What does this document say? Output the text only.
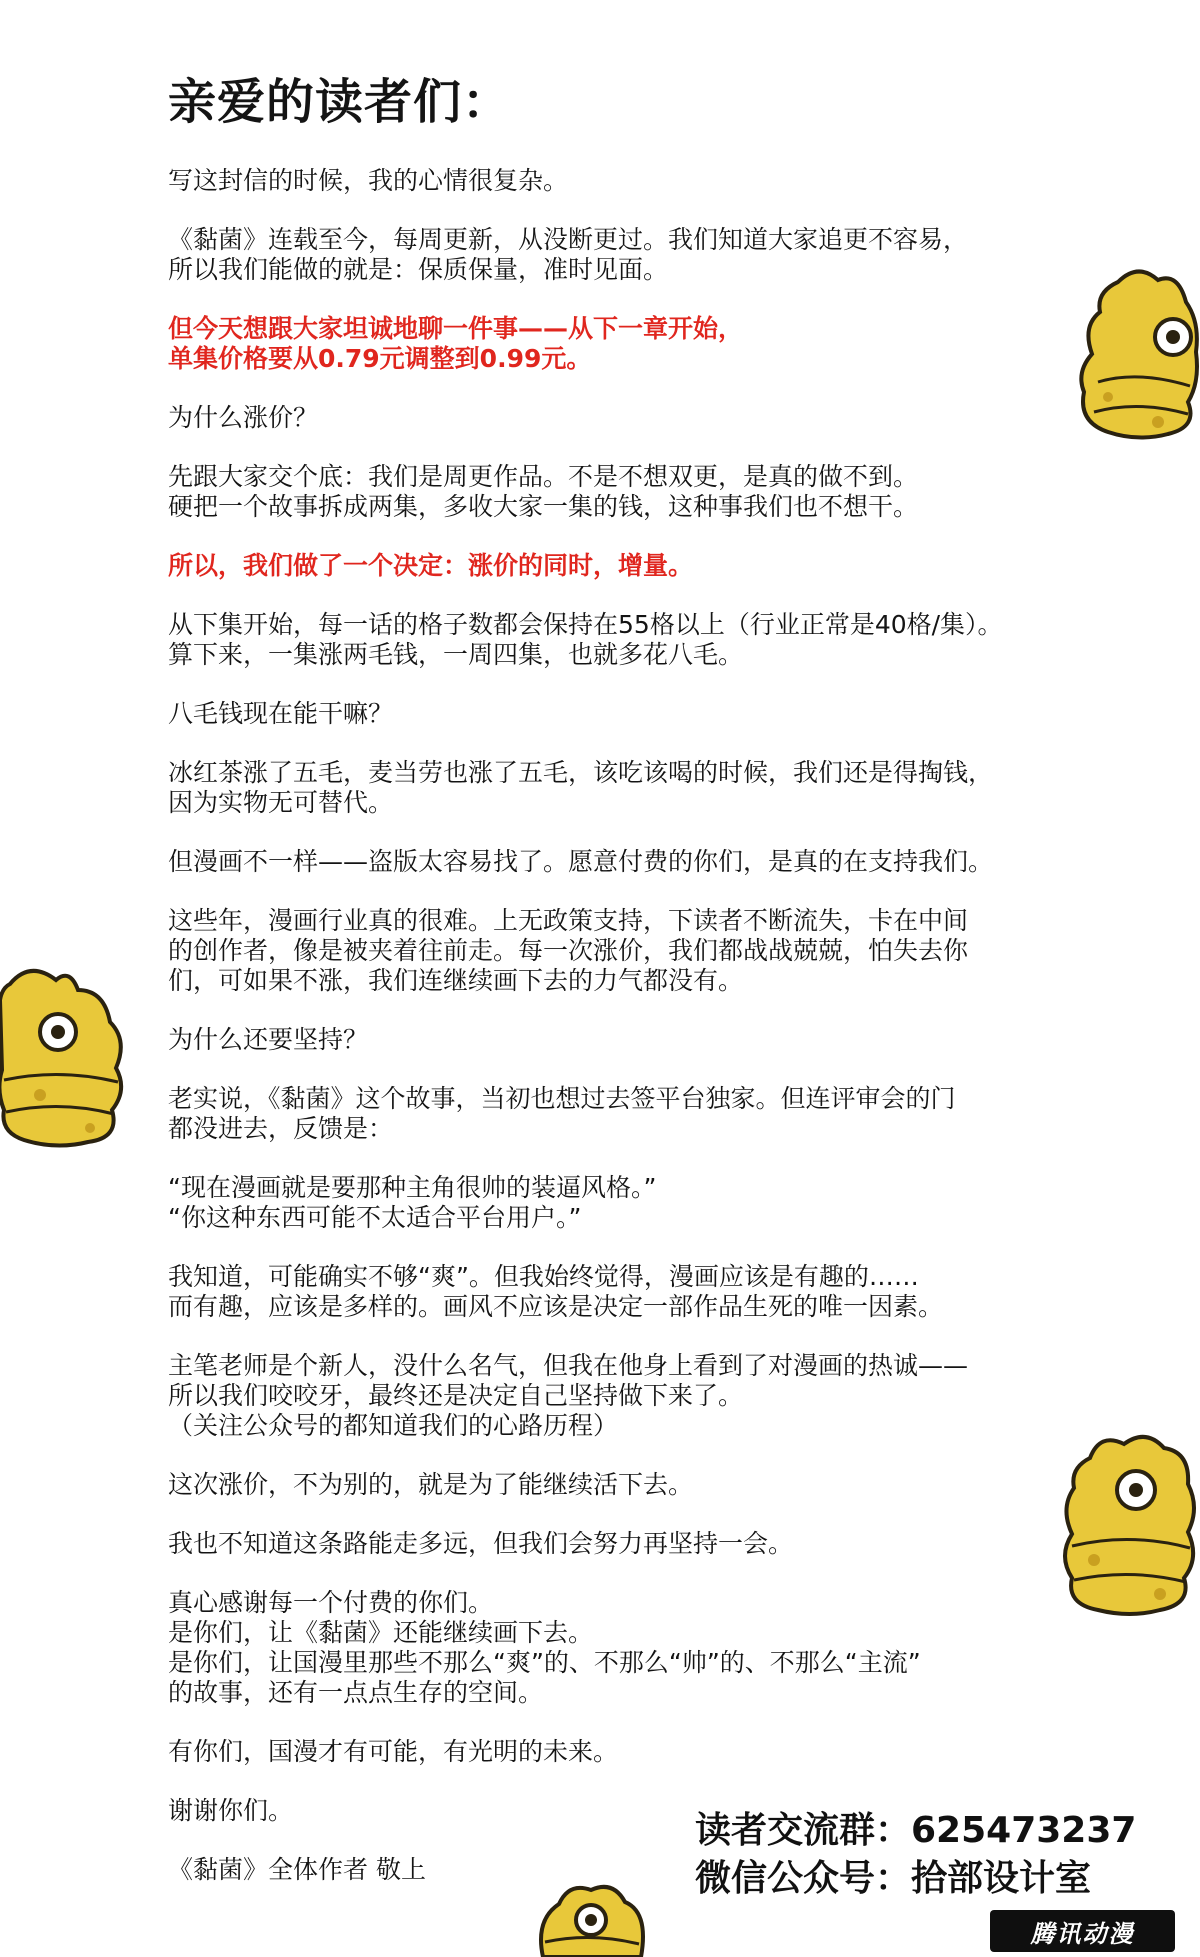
亲爱的读者们：
写这封信的时候，我的心情很复杂。
《黏菌》连载至今，每周更新，从没断更过。我们知道大家追更不容易，
所以我们能做的就是：保质保量，准时见面。
但今天想跟大家坦诚地聊一件事——从下一章开始，
单集价格要从0.79元调整到0.99元。
为什么涨价？
先跟大家交个底：我们是周更作品。不是不想双更，是真的做不到。
硬把一个故事拆成两集，多收大家一集的钱，这种事我们也不想干。
所以，我们做了一个决定：涨价的同时，增量。
从下集开始，每一话的格子数都会保持在55格以上（行业正常是40格/集）。
算下来，一集涨两毛钱，一周四集，也就多花八毛。
八毛钱现在能干嘛？
冰红茶涨了五毛，麦当劳也涨了五毛，该吃该喝的时候，我们还是得掏钱，
因为实物无可替代。
但漫画不一样——盗版太容易找了。愿意付费的你们，是真的在支持我们。
这些年，漫画行业真的很难。上无政策支持，下读者不断流失，卡在中间
的创作者，像是被夹着往前走。每一次涨价，我们都战战兢兢，怕失去你
们，可如果不涨，我们连继续画下去的力气都没有。
为什么还要坚持？
老实说，《黏菌》这个故事，当初也想过去签平台独家。但连评审会的门
都没进去，反馈是：
“现在漫画就是要那种主角很帅的装逼风格。”
“你这种东西可能不太适合平台用户。”
我知道，可能确实不够“爽”。但我始终觉得，漫画应该是有趣的……
而有趣，应该是多样的。画风不应该是决定一部作品生死的唯一因素。
主笔老师是个新人，没什么名气，但我在他身上看到了对漫画的热诚——
所以我们咬咬牙，最终还是决定自己坚持做下来了。
（关注公众号的都知道我们的心路历程）
这次涨价，不为别的，就是为了能继续活下去。
我也不知道这条路能走多远，但我们会努力再坚持一会。
真心感谢每一个付费的你们。
是你们，让《黏菌》还能继续画下去。
是你们，让国漫里那些不那么“爽”的、不那么“帅”的、不那么“主流”
的故事，还有一点点生存的空间。
有你们，国漫才有可能，有光明的未来。
谢谢你们。
《黏菌》全体作者 敬上
读者交流群：625473237
微信公众号：拾部设计室
腾讯动漫
